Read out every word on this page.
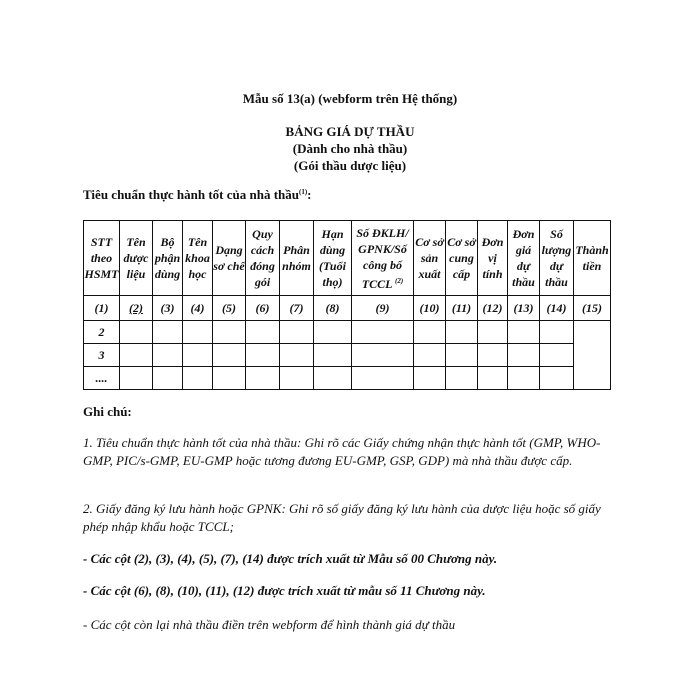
Mẫu số 13(a) (webform trên Hệ thống)
BẢNG GIÁ DỰ THẦU
(Dành cho nhà thầu)
(Gói thầu dược liệu)
Tiêu chuẩn thực hành tốt của nhà thầu$^{(1)}$:
STT theo HSMT	Tên dược liệu	Bộ phận dùng	Tên khoa học	Dạng sơ chế	Quy cách đóng gói	Phân nhóm	Hạn dùng (Tuổi thọ)	Số ĐKLH/ GPNK/Số công bố TCCL $^{(2)}$	Cơ sở sản xuất	Cơ sở cung cấp	Đơn vị tính	Đơn giá dự thầu	Số lượng dự thầu	Thành tiền
(1)	(2)	(3)	(4)	(5)	(6)	(7)	(8)	(9)	(10)	(11)	(12)	(13)	(14)	(15)
2														
3														
....														
Ghi chú:
1. Tiêu chuẩn thực hành tốt của nhà thầu: Ghi rõ các Giấy chứng nhận thực hành tốt (GMP, WHO-GMP, PIC/s-GMP, EU-GMP hoặc tương đương EU-GMP, GSP, GDP) mà nhà thầu được cấp.
2. Giấy đăng ký lưu hành hoặc GPNK: Ghi rõ số giấy đăng ký lưu hành của dược liệu hoặc số giấy phép nhập khẩu hoặc TCCL;
- Các cột (2), (3), (4), (5), (7), (14) được trích xuất từ Mẫu số 00 Chương này.
- Các cột (6), (8), (10), (11), (12) được trích xuất từ mẫu số 11 Chương này.
- Các cột còn lại nhà thầu điền trên webform để hình thành giá dự thầu
